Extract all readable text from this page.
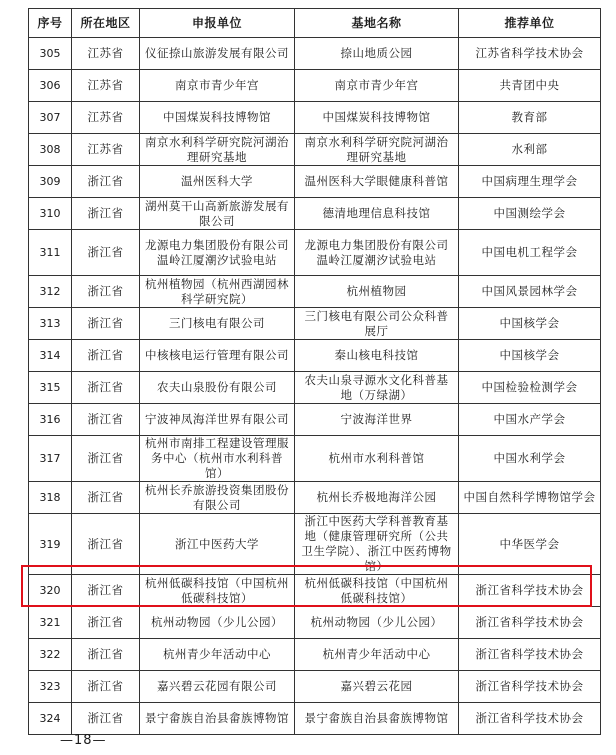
序号	所在地区	申报单位	基地名称	推荐单位
305	江苏省	仪征捺山旅游发展有限公司	捺山地质公园	江苏省科学技术协会
306	江苏省	南京市青少年宫	南京市青少年宫	共青团中央
307	江苏省	中国煤炭科技博物馆	中国煤炭科技博物馆	教育部
308	江苏省	南京水利科学研究院河湖治理研究基地	南京水利科学研究院河湖治理研究基地	水利部
309	浙江省	温州医科大学	温州医科大学眼健康科普馆	中国病理生理学会
310	浙江省	湖州莫干山高新旅游发展有限公司	德清地理信息科技馆	中国测绘学会
311	浙江省	龙源电力集团股份有限公司温岭江厦潮汐试验电站	龙源电力集团股份有限公司温岭江厦潮汐试验电站	中国电机工程学会
312	浙江省	杭州植物园（杭州西湖园林科学研究院）	杭州植物园	中国风景园林学会
313	浙江省	三门核电有限公司	三门核电有限公司公众科普展厅	中国核学会
314	浙江省	中核核电运行管理有限公司	秦山核电科技馆	中国核学会
315	浙江省	农夫山泉股份有限公司	农夫山泉寻源水文化科普基地（万绿湖）	中国检验检测学会
316	浙江省	宁波神凤海洋世界有限公司	宁波海洋世界	中国水产学会
317	浙江省	杭州市南排工程建设管理服务中心（杭州市水利科普馆）	杭州市水利科普馆	中国水利学会
318	浙江省	杭州长乔旅游投资集团股份有限公司	杭州长乔极地海洋公园	中国自然科学博物馆学会
319	浙江省	浙江中医药大学	浙江中医药大学科普教育基地（健康管理研究所（公共卫生学院）、浙江中医药博物馆）	中华医学会
320	浙江省	杭州低碳科技馆（中国杭州低碳科技馆）	杭州低碳科技馆（中国杭州低碳科技馆）	浙江省科学技术协会
321	浙江省	杭州动物园（少儿公园）	杭州动物园（少儿公园）	浙江省科学技术协会
322	浙江省	杭州青少年活动中心	杭州青少年活动中心	浙江省科学技术协会
323	浙江省	嘉兴碧云花园有限公司	嘉兴碧云花园	浙江省科学技术协会
324	浙江省	景宁畲族自治县畲族博物馆	景宁畲族自治县畲族博物馆	浙江省科学技术协会
—18—
